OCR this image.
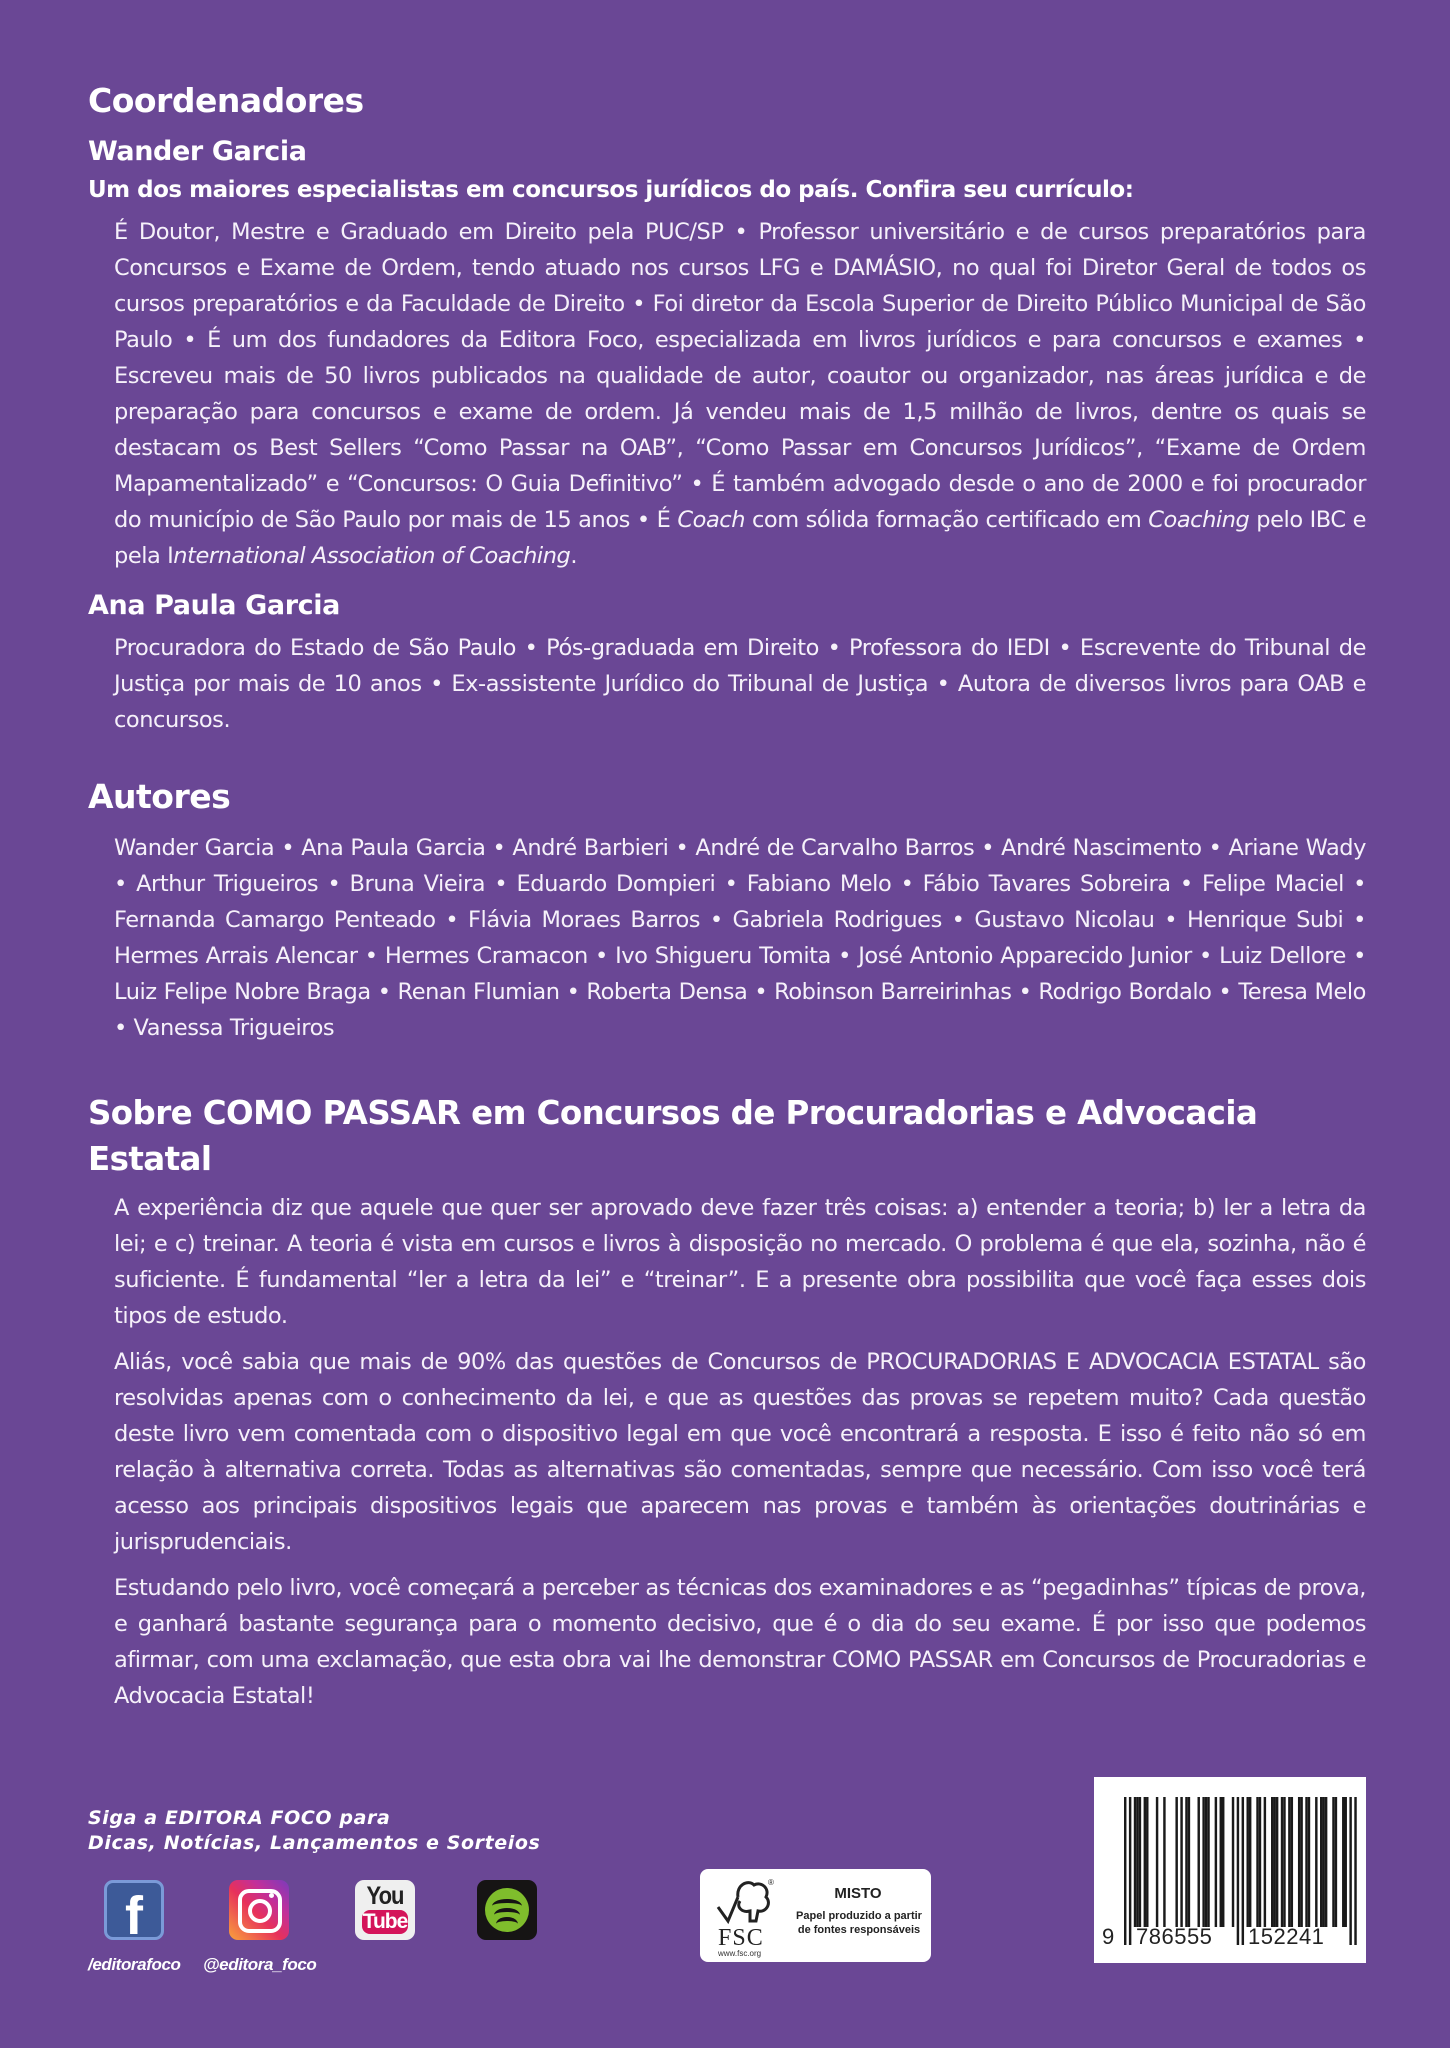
Coordenadores
Wander Garcia

Um dos maiores especialistas em concursos jurídicos do país. Confira seu currículo:

É Doutor, Mestre e Graduado em Direito pela PUC/SP • Professor universitário e de cursos preparatórios para Concursos e Exame de Ordem, tendo atuado nos cursos LFG e DAMÁSIO, no qual foi Diretor Geral de todos os cursos preparatórios e da Faculdade de Direito • Foi diretor da Escola Superior de Direito Público Municipal de São Paulo • É um dos fundadores da Editora Foco, especializada em livros jurídicos e para concursos e exames • Escreveu mais de 50 livros publicados na qualidade de autor, coautor ou organizador, nas áreas jurídica e de preparação para concursos e exame de ordem. Já vendeu mais de 1,5 milhão de livros, dentre os quais se destacam os Best Sellers “Como Passar na OAB”, “Como Passar em Concursos Jurídicos”, “Exame de Ordem Mapamentalizado” e “Concursos: O Guia Definitivo” • É também advogado desde o ano de 2000 e foi procurador do município de São Paulo por mais de 15 anos • É Coach com sólida formação certificado em Coaching pelo IBC e pela International Association of Coaching.

Ana Paula Garcia

Procuradora do Estado de São Paulo • Pós-graduada em Direito • Professora do IEDI • Escrevente do Tribunal de Justiça por mais de 10 anos • Ex-assistente Jurídico do Tribunal de Justiça • Autora de diversos livros para OAB e concursos.

Autores

Wander Garcia • Ana Paula Garcia • André Barbieri • André de Carvalho Barros • André Nascimento • Ariane Wady • Arthur Trigueiros • Bruna Vieira • Eduardo Dompieri • Fabiano Melo • Fábio Tavares Sobreira • Felipe Maciel • Fernanda Camargo Penteado • Flávia Moraes Barros • Gabriela Rodrigues • Gustavo Nicolau • Henrique Subi • Hermes Arrais Alencar • Hermes Cramacon • Ivo Shigueru Tomita • José Antonio Apparecido Junior • Luiz Dellore • Luiz Felipe Nobre Braga • Renan Flumian • Roberta Densa • Robinson Barreirinhas • Rodrigo Bordalo • Teresa Melo • Vanessa Trigueiros

Sobre COMO PASSAR em Concursos de Procuradorias e Advocacia Estatal

A experiência diz que aquele que quer ser aprovado deve fazer três coisas: a) entender a teoria; b) ler a letra da lei; e c) treinar. A teoria é vista em cursos e livros à disposição no mercado. O problema é que ela, sozinha, não é suficiente. É fundamental “ler a letra da lei” e “treinar”. E a presente obra possibilita que você faça esses dois tipos de estudo.

Aliás, você sabia que mais de 90% das questões de Concursos de PROCURADORIAS E ADVOCACIA ESTATAL são resolvidas apenas com o conhecimento da lei, e que as questões das provas se repetem muito? Cada questão deste livro vem comentada com o dispositivo legal em que você encontrará a resposta. E isso é feito não só em relação à alternativa correta. Todas as alternativas são comentadas, sempre que necessário. Com isso você terá acesso aos principais dispositivos legais que aparecem nas provas e também às orientações doutrinárias e jurisprudenciais.

Estudando pelo livro, você começará a perceber as técnicas dos examinadores e as “pegadinhas” típicas de prova, e ganhará bastante segurança para o momento decisivo, que é o dia do seu exame. É por isso que podemos afirmar, com uma exclamação, que esta obra vai lhe demonstrar COMO PASSAR em Concursos de Procuradorias e Advocacia Estatal!

Siga a EDITORA FOCO para
Dicas, Notícias, Lançamentos e Sorteios
f
/editorafoco @editora_foco
You
Tube
®
FSC
www.fsc.org
MISTO
Papel produzido a partir de fontes responsáveis	9 786555 152241
